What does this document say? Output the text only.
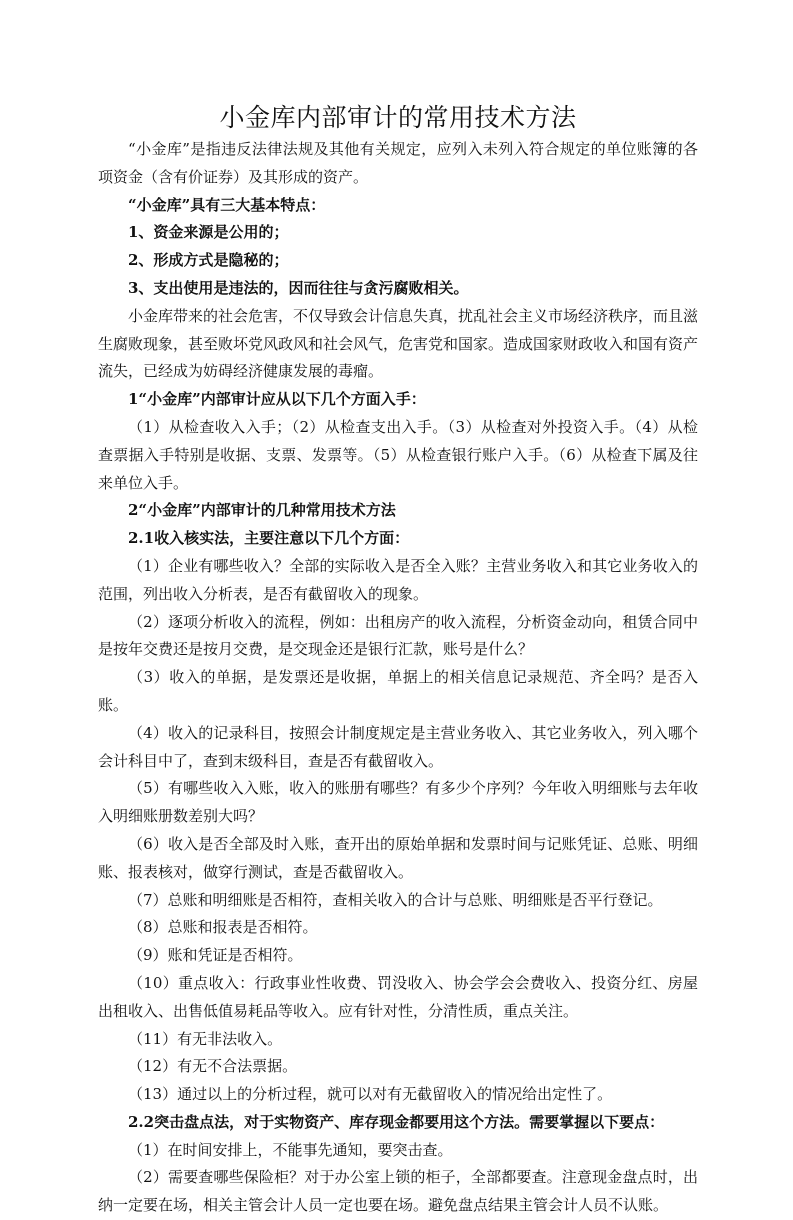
小金库内部审计的常用技术方法

“小金库”是指违反法律法规及其他有关规定，应列入未列入符合规定的单位账簿的各项资金（含有价证券）及其形成的资产。

“小金库”具有三大基本特点：

1、资金来源是公用的；

2、形成方式是隐秘的；

3、支出使用是违法的，因而往往与贪污腐败相关。

小金库带来的社会危害，不仅导致会计信息失真，扰乱社会主义市场经济秩序，而且滋生腐败现象，甚至败坏党风政风和社会风气，危害党和国家。造成国家财政收入和国有资产流失，已经成为妨碍经济健康发展的毒瘤。

1“小金库”内部审计应从以下几个方面入手：

（1）从检查收入入手；（2）从检查支出入手。（3）从检查对外投资入手。（4）从检查票据入手特别是收据、支票、发票等。（5）从检查银行账户入手。（6）从检查下属及往来单位入手。

2“小金库”内部审计的几种常用技术方法

2.1收入核实法，主要注意以下几个方面：

（1）企业有哪些收入？全部的实际收入是否全入账？主营业务收入和其它业务收入的范围，列出收入分析表，是否有截留收入的现象。

（2）逐项分析收入的流程，例如：出租房产的收入流程，分析资金动向，租赁合同中是按年交费还是按月交费，是交现金还是银行汇款，账号是什么？

（3）收入的单据，是发票还是收据，单据上的相关信息记录规范、齐全吗？是否入账。

（4）收入的记录科目，按照会计制度规定是主营业务收入、其它业务收入，列入哪个会计科目中了，查到末级科目，查是否有截留收入。

（5）有哪些收入入账，收入的账册有哪些？有多少个序列？今年收入明细账与去年收入明细账册数差别大吗？

（6）收入是否全部及时入账，查开出的原始单据和发票时间与记账凭证、总账、明细账、报表核对，做穿行测试，查是否截留收入。

（7）总账和明细账是否相符，查相关收入的合计与总账、明细账是否平行登记。

（8）总账和报表是否相符。

（9）账和凭证是否相符。

（10）重点收入：行政事业性收费、罚没收入、协会学会会费收入、投资分红、房屋出租收入、出售低值易耗品等收入。应有针对性，分清性质，重点关注。

（11）有无非法收入。

（12）有无不合法票据。

（13）通过以上的分析过程，就可以对有无截留收入的情况给出定性了。

2.2突击盘点法，对于实物资产、库存现金都要用这个方法。需要掌握以下要点：

（1）在时间安排上，不能事先通知，要突击查。

（2）需要查哪些保险柜？对于办公室上锁的柜子，全部都要查。注意现金盘点时，出纳一定要在场，相关主管会计人员一定也要在场。避免盘点结果主管会计人员不认账。
